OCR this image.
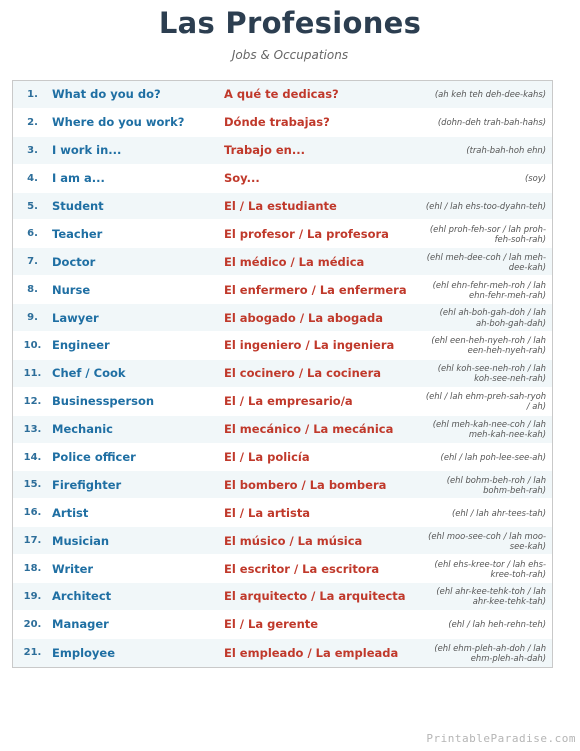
Las Profesiones
Jobs & Occupations
1.	What do you do?	A qué te dedicas?	(ah keh teh deh-dee-kahs)
2.	Where do you work?	Dónde trabajas?	(dohn-deh trah-bah-hahs)
3.	I work in...	Trabajo en...	(trah-bah-hoh ehn)
4.	I am a...	Soy...	(soy)
5.	Student	El / La estudiante	(ehl / lah ehs-too-dyahn-teh)
6.	Teacher	El profesor / La profesora	(ehl proh-feh-sor / lah proh-feh-soh-rah)
7.	Doctor	El médico / La médica	(ehl meh-dee-coh / lah meh-dee-kah)
8.	Nurse	El enfermero / La enfermera	(ehl ehn-fehr-meh-roh / lah ehn-fehr-meh-rah)
9.	Lawyer	El abogado / La abogada	(ehl ah-boh-gah-doh / lah ah-boh-gah-dah)
10. Engineer	El ingeniero / La ingeniera	(ehl een-heh-nyeh-roh / lah een-heh-nyeh-rah)
11. Chef / Cook	El cocinero / La cocinera	(ehl koh-see-neh-roh / lah koh-see-neh-rah)
12. Businessperson	El / La empresario/a	(ehl / lah ehm-preh-sah-ryoh / ah)
13. Mechanic	El mecánico / La mecánica	(ehl meh-kah-nee-coh / lah meh-kah-nee-kah)
14. Police officer	El / La policía	(ehl / lah poh-lee-see-ah)
15. Firefighter	El bombero / La bombera	(ehl bohm-beh-roh / lah bohm-beh-rah)
16. Artist	El / La artista	(ehl / lah ahr-tees-tah)
17. Musician	El músico / La música	(ehl moo-see-coh / lah moo-see-kah)
18. Writer	El escritor / La escritora	(ehl ehs-kree-tor / lah ehs-kree-toh-rah)
19. Architect	El arquitecto / La arquitecta	(ehl ahr-kee-tehk-toh / lah ahr-kee-tehk-tah)
20. Manager	El / La gerente	(ehl / lah heh-rehn-teh)
21. Employee	El empleado / La empleada	(ehl ehm-pleh-ah-doh / lah ehm-pleh-ah-dah)
PrintableParadise.com
